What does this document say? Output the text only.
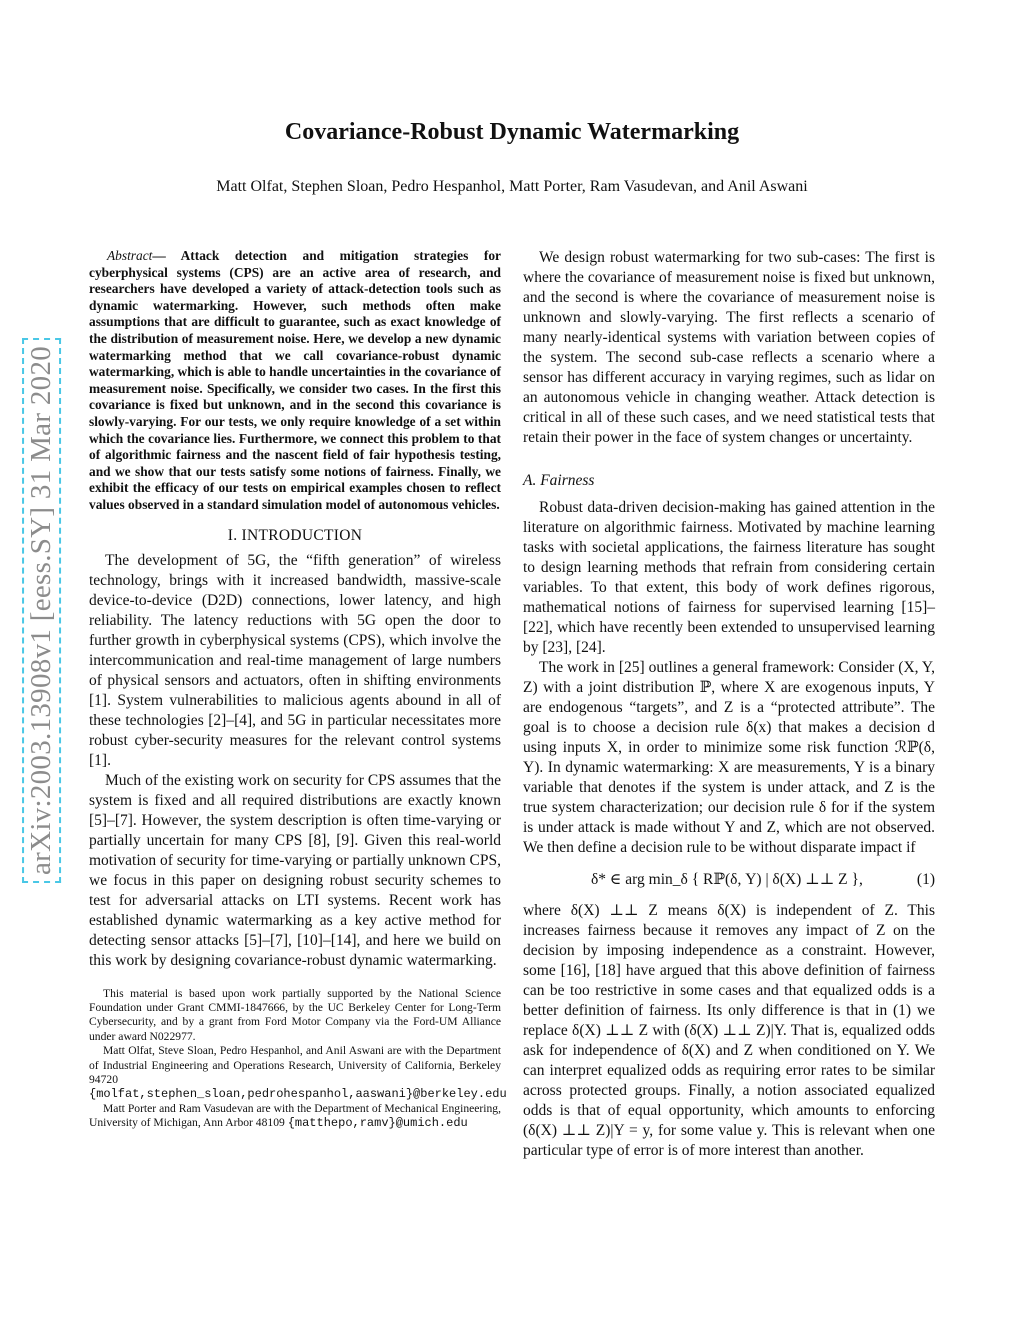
arXiv:2003.13908v1 [eess.SY] 31 Mar 2020
Covariance-Robust Dynamic Watermarking

Matt Olfat, Stephen Sloan, Pedro Hespanhol, Matt Porter, Ram Vasudevan, and Anil Aswani

Abstract— Attack detection and mitigation strategies for cyberphysical systems (CPS) are an active area of research, and researchers have developed a variety of attack-detection tools such as dynamic watermarking. However, such methods often make assumptions that are difficult to guarantee, such as exact knowledge of the distribution of measurement noise. Here, we develop a new dynamic watermarking method that we call covariance-robust dynamic watermarking, which is able to handle uncertainties in the covariance of measurement noise. Specifically, we consider two cases. In the first this covariance is fixed but unknown, and in the second this covariance is slowly-varying. For our tests, we only require knowledge of a set within which the covariance lies. Furthermore, we connect this problem to that of algorithmic fairness and the nascent field of fair hypothesis testing, and we show that our tests satisfy some notions of fairness. Finally, we exhibit the efficacy of our tests on empirical examples chosen to reflect values observed in a standard simulation model of autonomous vehicles.

I. INTRODUCTION

The development of 5G, the “fifth generation” of wireless technology, brings with it increased bandwidth, massive-scale device-to-device (D2D) connections, lower latency, and high reliability. The latency reductions with 5G open the door to further growth in cyberphysical systems (CPS), which involve the intercommunication and real-time management of large numbers of physical sensors and actuators, often in shifting environments [1]. System vulnerabilities to malicious agents abound in all of these technologies [2]–[4], and 5G in particular necessitates more robust cyber-security measures for the relevant control systems [1].

Much of the existing work on security for CPS assumes that the system is fixed and all required distributions are exactly known [5]–[7]. However, the system description is often time-varying or partially uncertain for many CPS [8], [9]. Given this real-world motivation of security for time-varying or partially unknown CPS, we focus in this paper on designing robust security schemes to test for adversarial attacks on LTI systems. Recent work has established dynamic watermarking as a key active method for detecting sensor attacks [5]–[7], [10]–[14], and here we build on this work by designing covariance-robust dynamic watermarking.

This material is based upon work partially supported by the National Science Foundation under Grant CMMI-1847666, by the UC Berkeley Center for Long-Term Cybersecurity, and by a grant from Ford Motor Company via the Ford-UM Alliance under award N022977.

Matt Olfat, Steve Sloan, Pedro Hespanhol, and Anil Aswani are with the Department of Industrial Engineering and Operations Research, University of California, Berkeley 94720 {molfat,stephen_sloan,pedrohespanhol,aaswani}@berkeley.edu

Matt Porter and Ram Vasudevan are with the Department of Mechanical Engineering, University of Michigan, Ann Arbor 48109 {matthepo,ramv}@umich.edu

We design robust watermarking for two sub-cases: The first is where the covariance of measurement noise is fixed but unknown, and the second is where the covariance of measurement noise is unknown and slowly-varying. The first reflects a scenario of many nearly-identical systems with variation between copies of the system. The second sub-case reflects a scenario where a sensor has different accuracy in varying regimes, such as lidar on an autonomous vehicle in changing weather. Attack detection is critical in all of these such cases, and we need statistical tests that retain their power in the face of system changes or uncertainty.

A. Fairness

Robust data-driven decision-making has gained attention in the literature on algorithmic fairness. Motivated by machine learning tasks with societal applications, the fairness literature has sought to design learning methods that refrain from considering certain variables. To that extent, this body of work defines rigorous, mathematical notions of fairness for supervised learning [15]–[22], which have recently been extended to unsupervised learning by [23], [24].

The work in [25] outlines a general framework: Consider (X, Y, Z) with a joint distribution ℙ, where X are exogenous inputs, Y are endogenous “targets”, and Z is a “protected attribute”. The goal is to choose a decision rule δ(x) that makes a decision d using inputs X, in order to minimize some risk function ℛℙ(δ, Y). In dynamic watermarking: X are measurements, Y is a binary variable that denotes if the system is under attack, and Z is the true system characterization; our decision rule δ for if the system is under attack is made without Y and Z, which are not observed. We then define a decision rule to be without disparate impact if

δ* ∈ arg min_δ { Rℙ(δ, Y) | δ(X) ⊥⊥ Z },	(1)

where δ(X) ⊥⊥ Z means δ(X) is independent of Z. This increases fairness because it removes any impact of Z on the decision by imposing independence as a constraint. However, some [16], [18] have argued that this above definition of fairness can be too restrictive in some cases and that equalized odds is a better definition of fairness. Its only difference is that in (1) we replace δ(X) ⊥⊥ Z with (δ(X) ⊥⊥ Z)|Y. That is, equalized odds ask for independence of δ(X) and Z when conditioned on Y. We can interpret equalized odds as requiring error rates to be similar across protected groups. Finally, a notion associated equalized odds is that of equal opportunity, which amounts to enforcing (δ(X) ⊥⊥ Z)|Y = y, for some value y. This is relevant when one particular type of error is of more interest than another.
